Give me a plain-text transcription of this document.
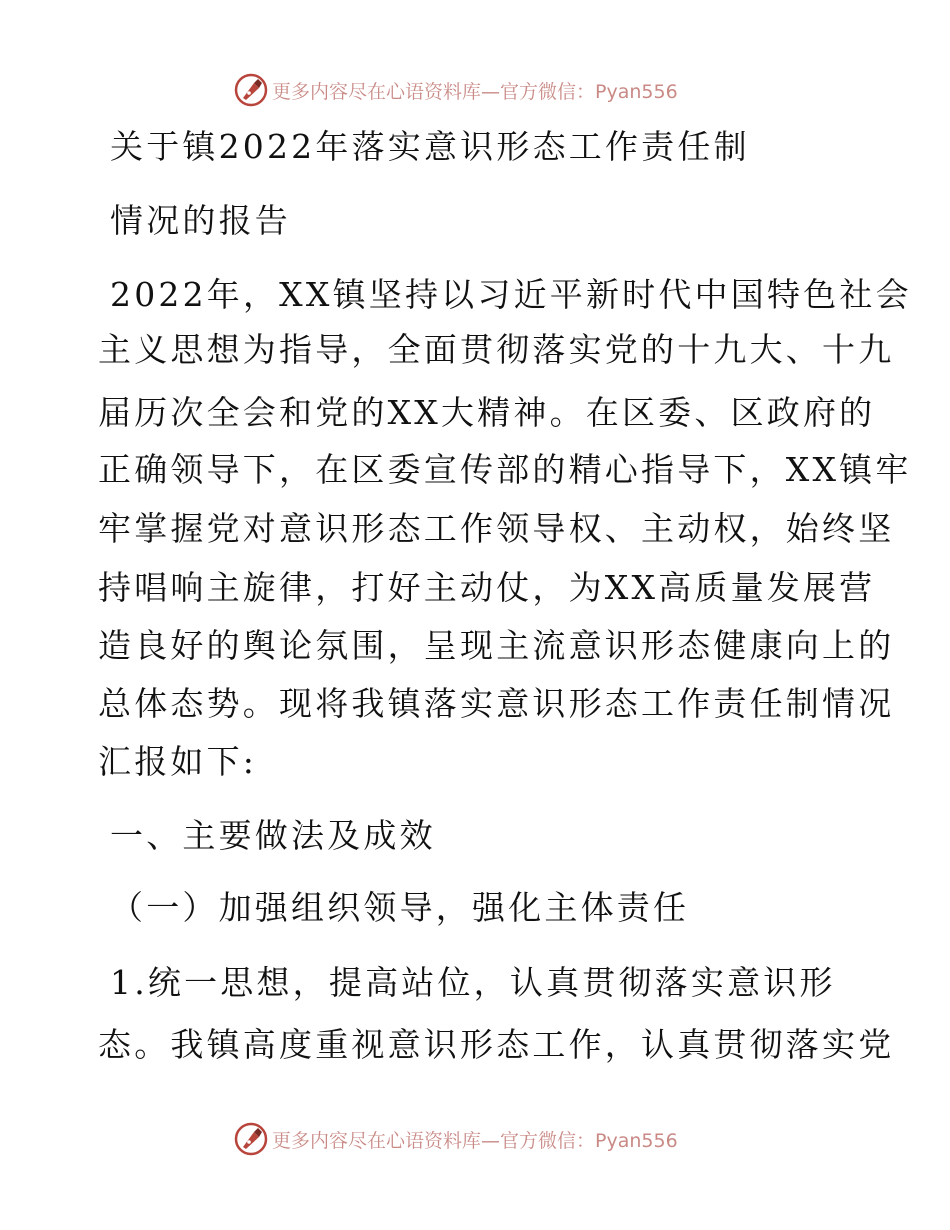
更多内容尽在心语资料库—官方微信：Pyan556
关于镇2022年落实意识形态工作责任制
情况的报告
2022年，XX镇坚持以习近平新时代中国特色社会
主义思想为指导，全面贯彻落实党的十九大、十九
届历次全会和党的XX大精神。在区委、区政府的
正确领导下，在区委宣传部的精心指导下，XX镇牢
牢掌握党对意识形态工作领导权、主动权，始终坚
持唱响主旋律，打好主动仗，为XX高质量发展营
造良好的舆论氛围，呈现主流意识形态健康向上的
总体态势。现将我镇落实意识形态工作责任制情况
汇报如下:
一、主要做法及成效
（一）加强组织领导，强化主体责任
1.统一思想，提高站位，认真贯彻落实意识形
态。我镇高度重视意识形态工作，认真贯彻落实党
更多内容尽在心语资料库—官方微信：Pyan556
